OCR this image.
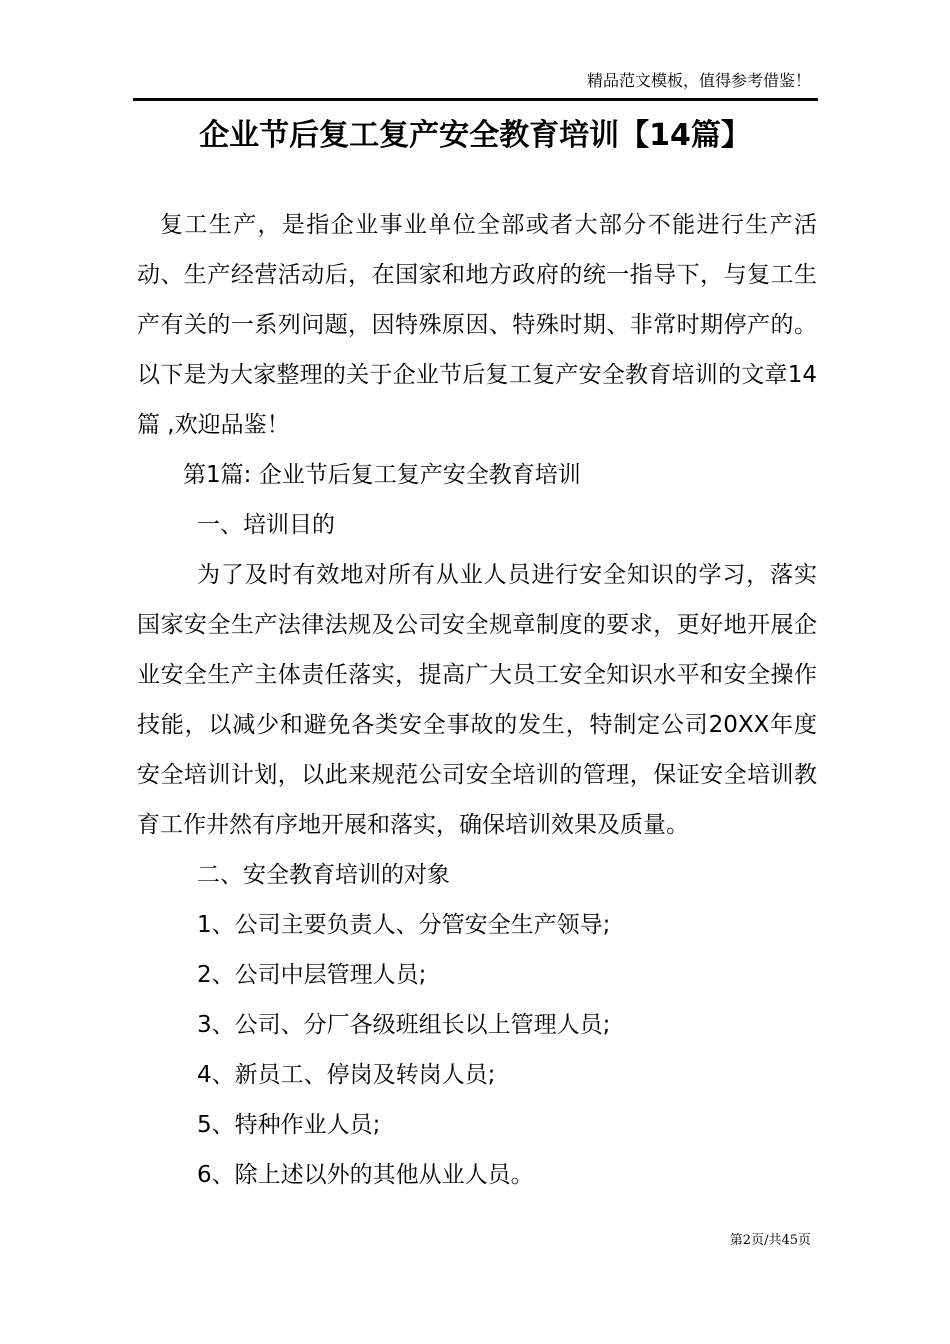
精品范文模板，值得参考借鉴！
企业节后复工复产安全教育培训【14篇】

复工生产，是指企业事业单位全部或者大部分不能进行生产活动、生产经营活动后，在国家和地方政府的统一指导下，与复工生产有关的一系列问题，因特殊原因、特殊时期、非常时期停产的。 以下是为大家整理的关于企业节后复工复产安全教育培训的文章14篇 ,欢迎品鉴！

第1篇: 企业节后复工复产安全教育培训

一、培训目的

为了及时有效地对所有从业人员进行安全知识的学习，落实国家安全生产法律法规及公司安全规章制度的要求，更好地开展企业安全生产主体责任落实，提高广大员工安全知识水平和安全操作技能，以减少和避免各类安全事故的发生，特制定公司20XX年度安全培训计划，以此来规范公司安全培训的管理，保证安全培训教育工作井然有序地开展和落实，确保培训效果及质量。

二、安全教育培训的对象

1、公司主要负责人、分管安全生产领导;

2、公司中层管理人员;

3、公司、分厂各级班组长以上管理人员;

4、新员工、停岗及转岗人员;

5、特种作业人员;

6、除上述以外的其他从业人员。

第2页/共45页
